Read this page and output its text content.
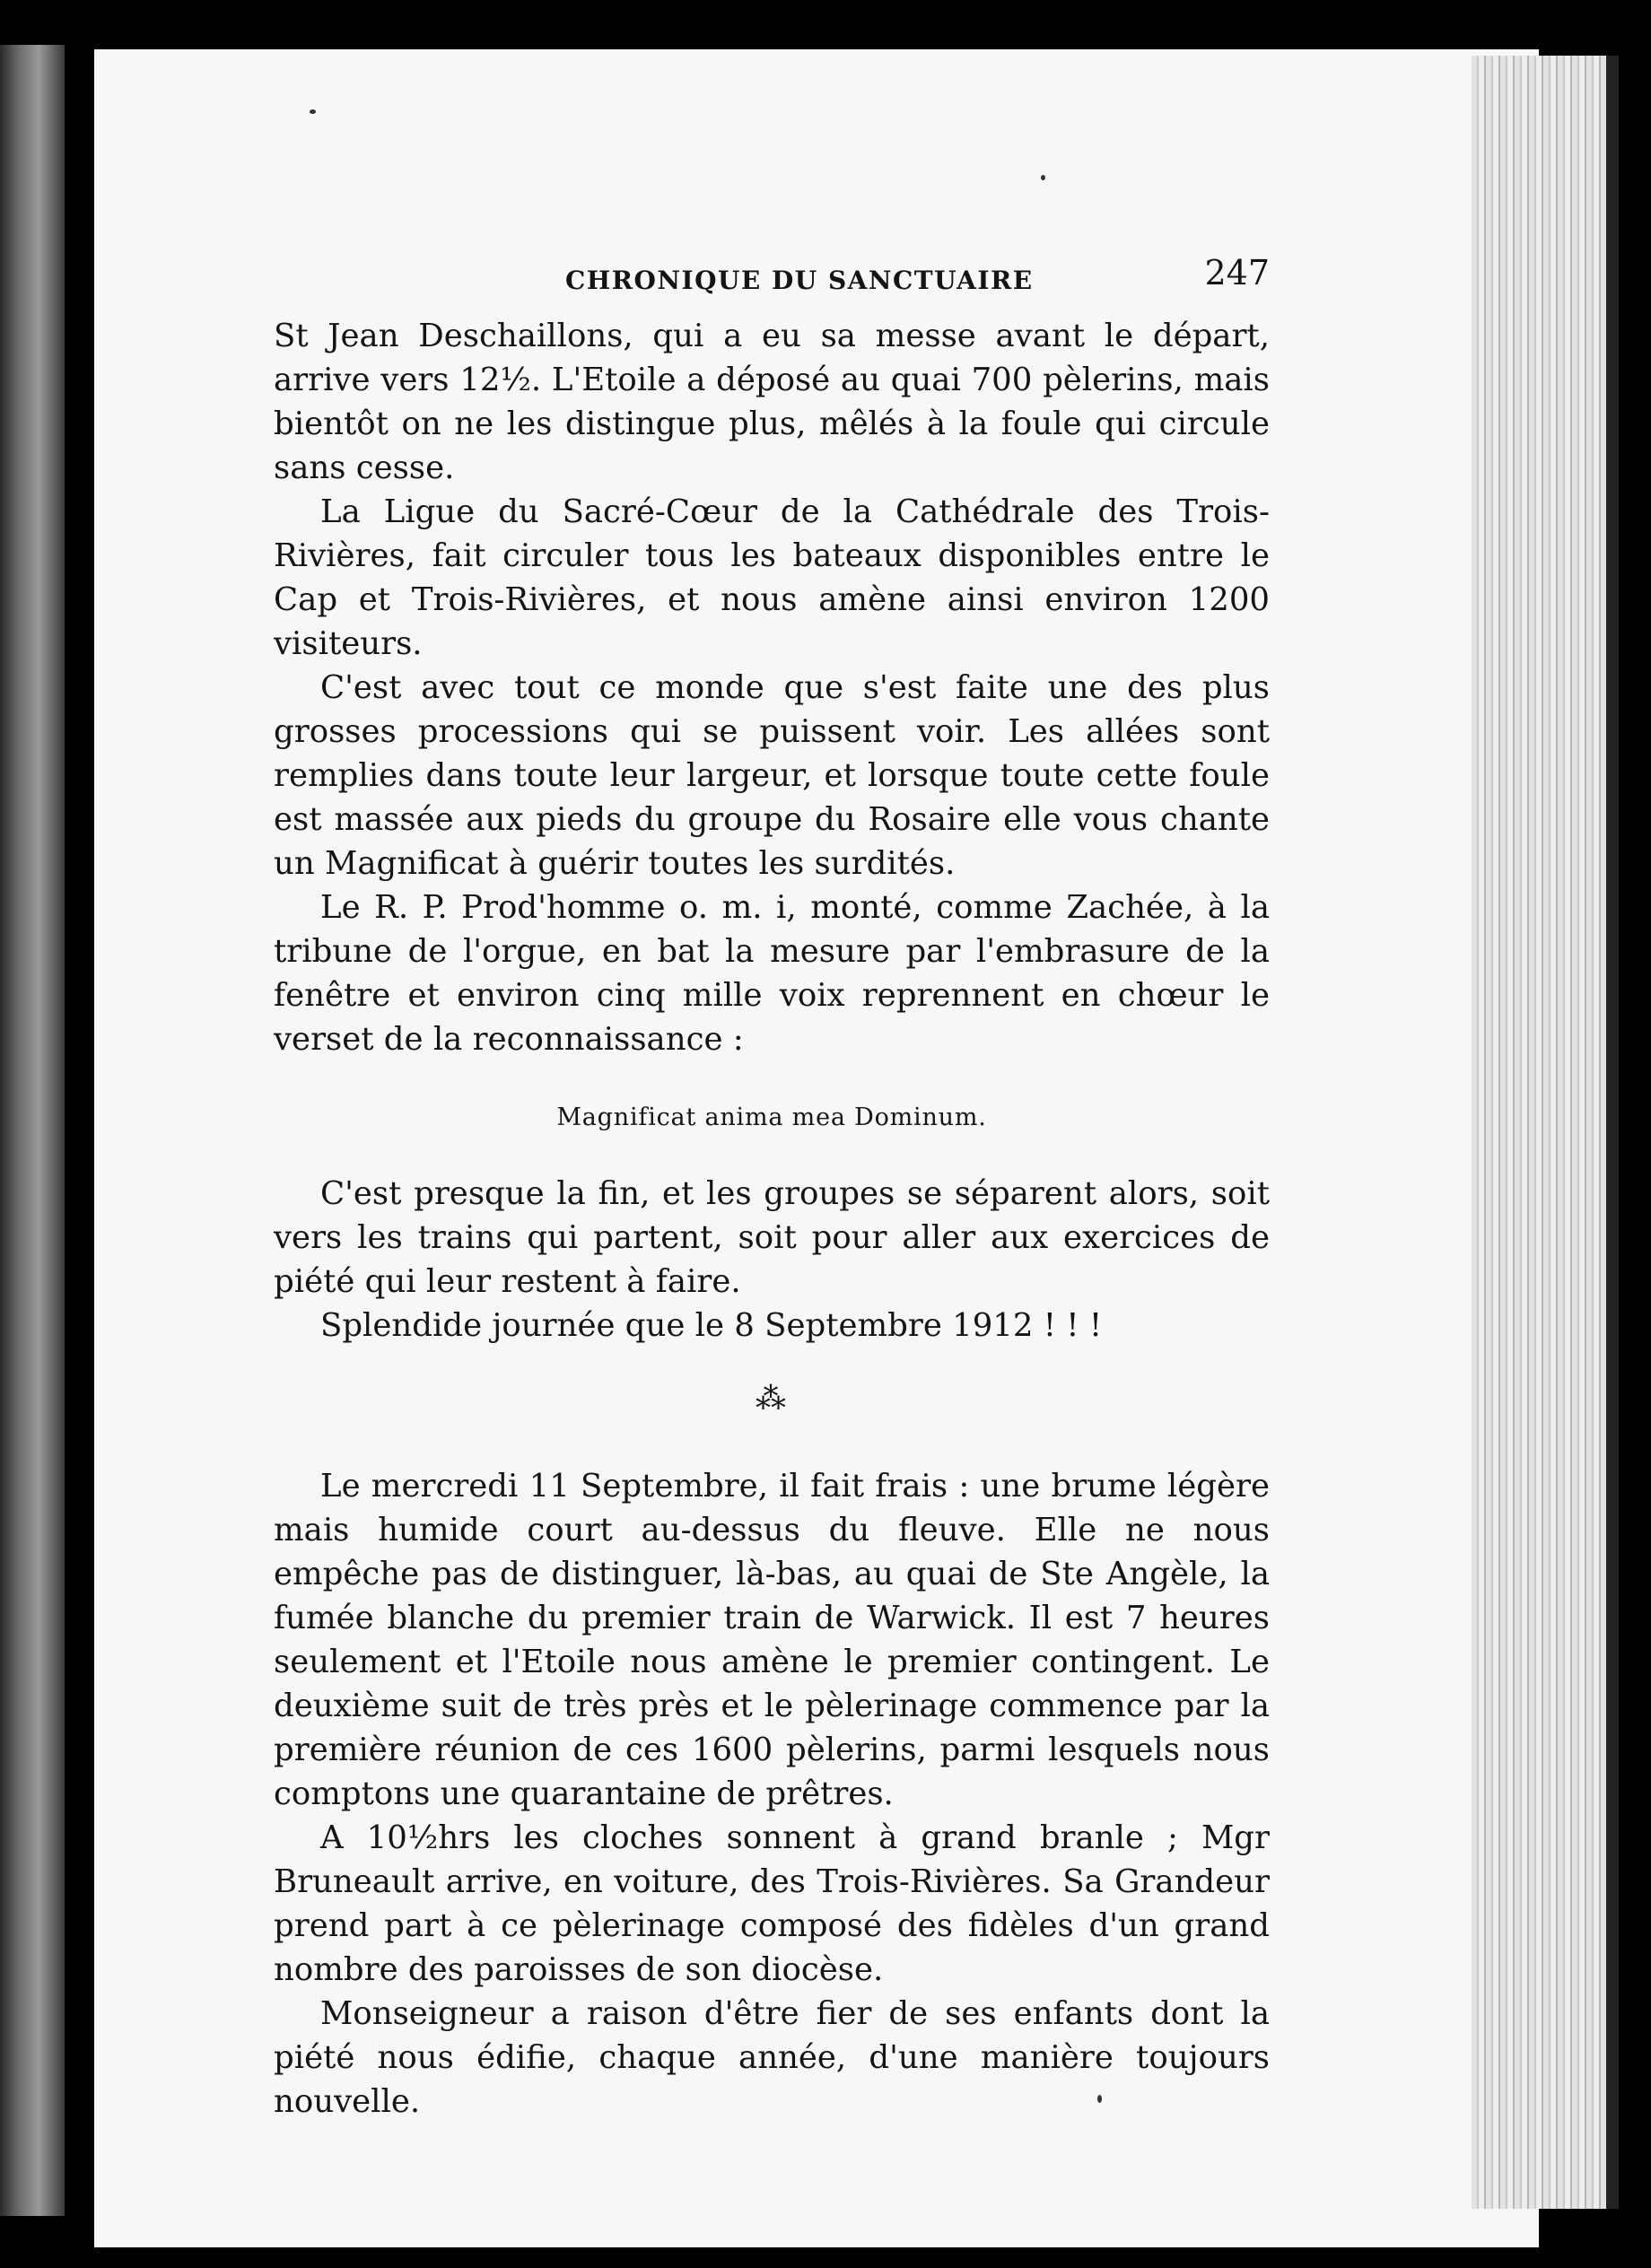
CHRONIQUE DU SANCTUAIRE	247

St Jean Deschaillons, qui a eu sa messe avant le départ, arrive vers 12½. L'Etoile a déposé au quai 700 pèlerins, mais bientôt on ne les distingue plus, mêlés à la foule qui circule sans cesse.

La Ligue du Sacré-Cœur de la Cathédrale des Trois-Rivières, fait circuler tous les bateaux disponibles entre le Cap et Trois-Rivières, et nous amène ainsi environ 1200 visiteurs.

C'est avec tout ce monde que s'est faite une des plus grosses processions qui se puissent voir. Les allées sont remplies dans toute leur largeur, et lorsque toute cette foule est massée aux pieds du groupe du Rosaire elle vous chante un Magnificat à guérir toutes les surdités.

Le R. P. Prod'homme o. m. i, monté, comme Zachée, à la tribune de l'orgue, en bat la mesure par l'embrasure de la fenêtre et environ cinq mille voix reprennent en chœur le verset de la reconnaissance :

Magnificat anima mea Dominum.

C'est presque la fin, et les groupes se séparent alors, soit vers les trains qui partent, soit pour aller aux exercices de piété qui leur restent à faire.

Splendide journée que le 8 Septembre 1912 ! ! !

⁂

Le mercredi 11 Septembre, il fait frais : une brume légère mais humide court au-dessus du fleuve. Elle ne nous empêche pas de distinguer, là-bas, au quai de Ste Angèle, la fumée blanche du premier train de Warwick. Il est 7 heures seulement et l'Etoile nous amène le premier contingent. Le deuxième suit de très près et le pèlerinage commence par la première réunion de ces 1600 pèlerins, parmi lesquels nous comptons une quarantaine de prêtres.

A 10½hrs les cloches sonnent à grand branle ; Mgr Bruneault arrive, en voiture, des Trois-Rivières. Sa Grandeur prend part à ce pèlerinage composé des fidèles d'un grand nombre des paroisses de son diocèse.

Monseigneur a raison d'être fier de ses enfants dont la piété nous édifie, chaque année, d'une manière toujours nouvelle.
